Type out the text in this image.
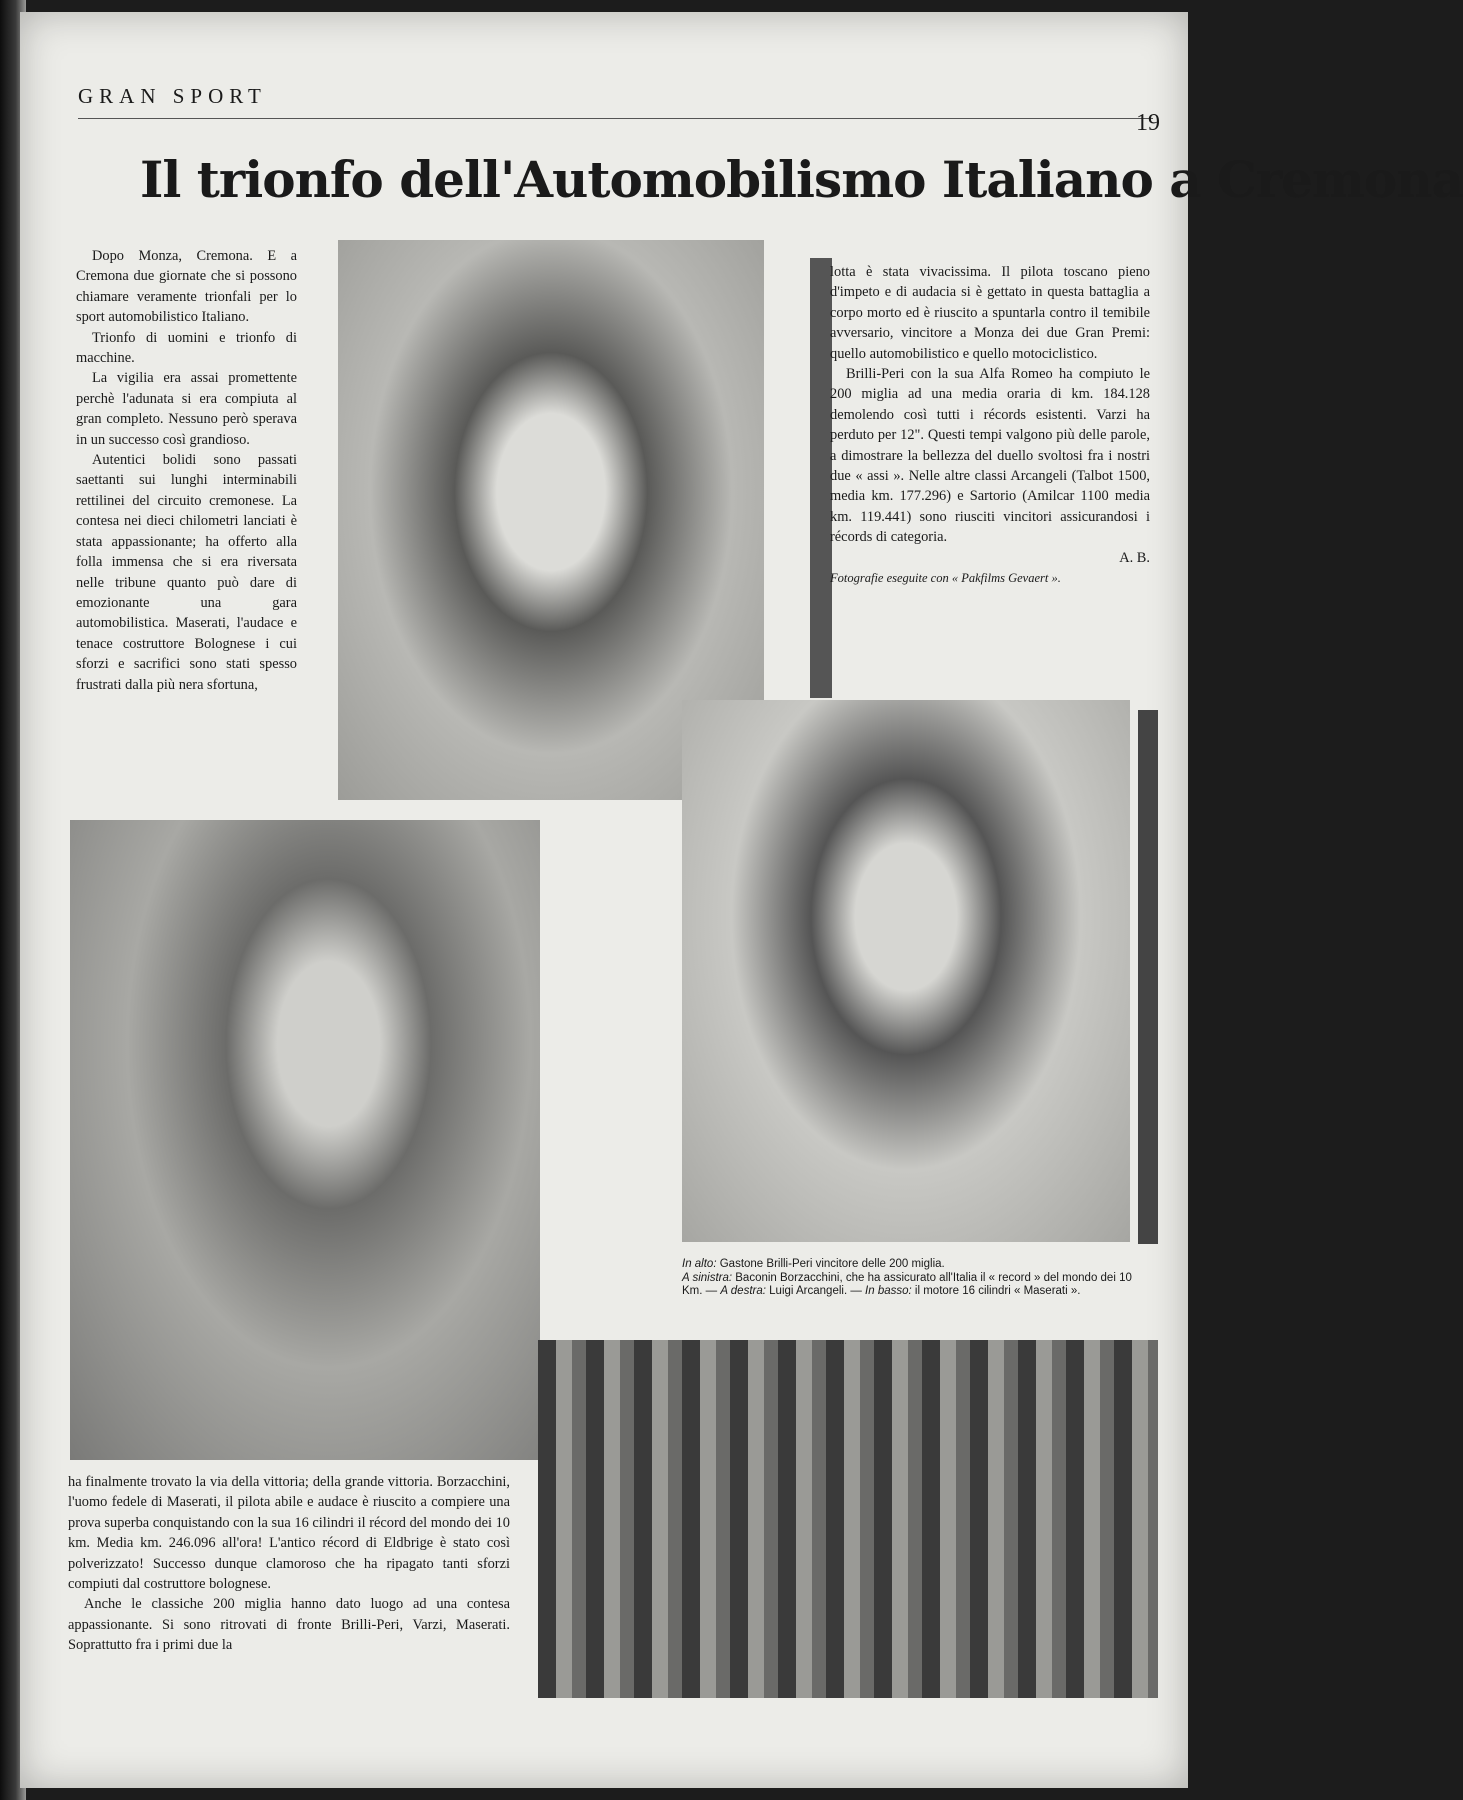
GRAN SPORT
19
Il trionfo dell'Automobilismo Italiano a Cremona

Dopo Monza, Cremona. E a Cremona due giornate che si possono chiamare veramente trionfali per lo sport automobilistico Italiano.

Trionfo di uomini e trionfo di macchine.

La vigilia era assai promettente perchè l'adunata si era compiuta al gran completo. Nessuno però sperava in un successo così grandioso.

Autentici bolidi sono passati saettanti sui lunghi interminabili rettilinei del circuito cremonese. La contesa nei dieci chilometri lanciati è stata appassionante; ha offerto alla folla immensa che si era riversata nelle tribune quanto può dare di emozionante una gara automobilistica. Maserati, l'audace e tenace costruttore Bolognese i cui sforzi e sacrifici sono stati spesso frustrati dalla più nera sfortuna,

lotta è stata vivacissima. Il pilota toscano pieno d'impeto e di audacia si è gettato in questa battaglia a corpo morto ed è riuscito a spuntarla contro il temibile avversario, vincitore a Monza dei due Gran Premi: quello automobilistico e quello motociclistico.

Brilli-Peri con la sua Alfa Romeo ha compiuto le 200 miglia ad una media oraria di km. 184.128 demolendo così tutti i récords esistenti. Varzi ha perduto per 12". Questi tempi valgono più delle parole, a dimostrare la bellezza del duello svoltosi fra i nostri due « assi ». Nelle altre classi Arcangeli (Talbot 1500, media km. 177.296) e Sartorio (Amilcar 1100 media km. 119.441) sono riusciti vincitori assicurandosi i récords di categoria.

A. B.

Fotografie eseguite con « Pakfilms Gevaert ».

In alto: Gastone Brilli-Peri vincitore delle 200 miglia.
A sinistra: Baconin Borzacchini, che ha assicurato all'Italia il « record » del mondo dei 10 Km. — A destra: Luigi Arcangeli. — In basso: il motore 16 cilindri « Maserati ».

ha finalmente trovato la via della vittoria; della grande vittoria. Borzacchini, l'uomo fedele di Maserati, il pilota abile e audace è riuscito a compiere una prova superba conquistando con la sua 16 cilindri il récord del mondo dei 10 km. Media km. 246.096 all'ora! L'antico récord di Eldbrige è stato così polverizzato! Successo dunque clamoroso che ha ripagato tanti sforzi compiuti dal costruttore bolognese.

Anche le classiche 200 miglia hanno dato luogo ad una contesa appassionante. Si sono ritrovati di fronte Brilli-Peri, Varzi, Maserati. Soprattutto fra i primi due la
